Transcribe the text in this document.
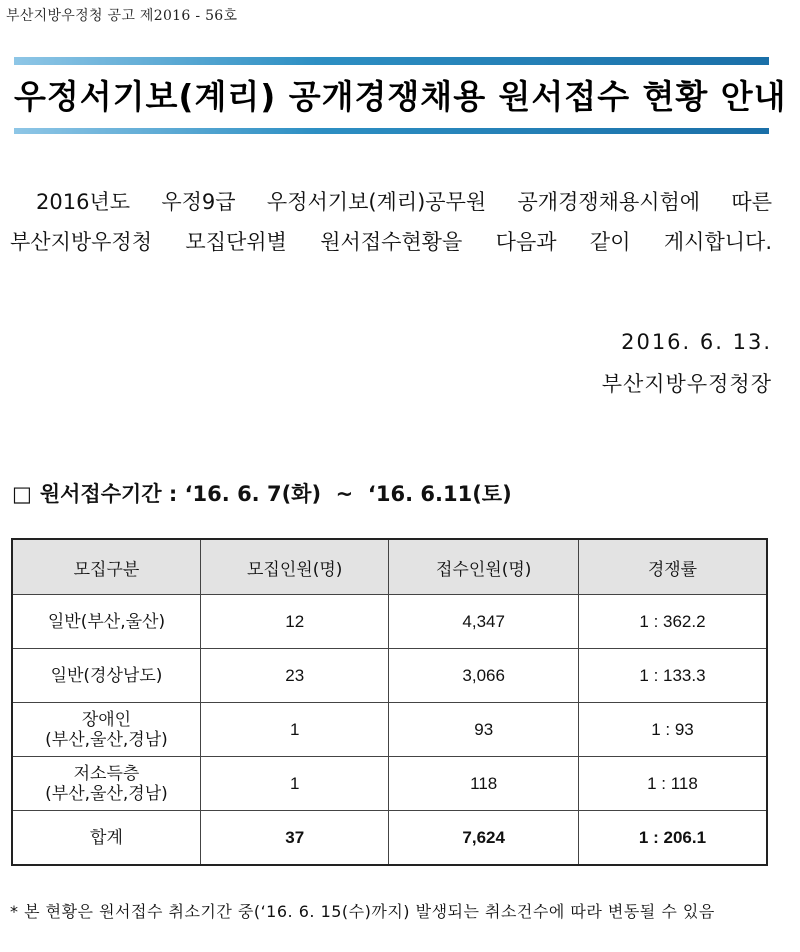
부산지방우정청 공고 제2016 - 56호
우정서기보(계리) 공개경쟁채용 원서접수 현황 안내
2016년도 우정9급 우정서기보(계리)공무원 공개경쟁채용시험에 따른
부산지방우정청 모집단위별 원서접수현황을 다음과 같이 게시합니다.
2016. 6. 13.
부산지방우정청장
□ 원서접수기간 : ‘16. 6. 7(화)  ~  ‘16. 6.11(토)
모집구분	모집인원(명)	접수인원(명)	경쟁률
일반(부산,울산)	12	4,347	1 : 362.2
일반(경상남도)	23	3,066	1 : 133.3
장애인
(부산,울산,경남)	1	93	1 : 93
저소득층
(부산,울산,경남)	1	118	1 : 118
합계	37	7,624	1 : 206.1
* 본 현황은 원서접수 취소기간 중(‘16. 6. 15(수)까지) 발생되는 취소건수에 따라 변동될 수 있음
